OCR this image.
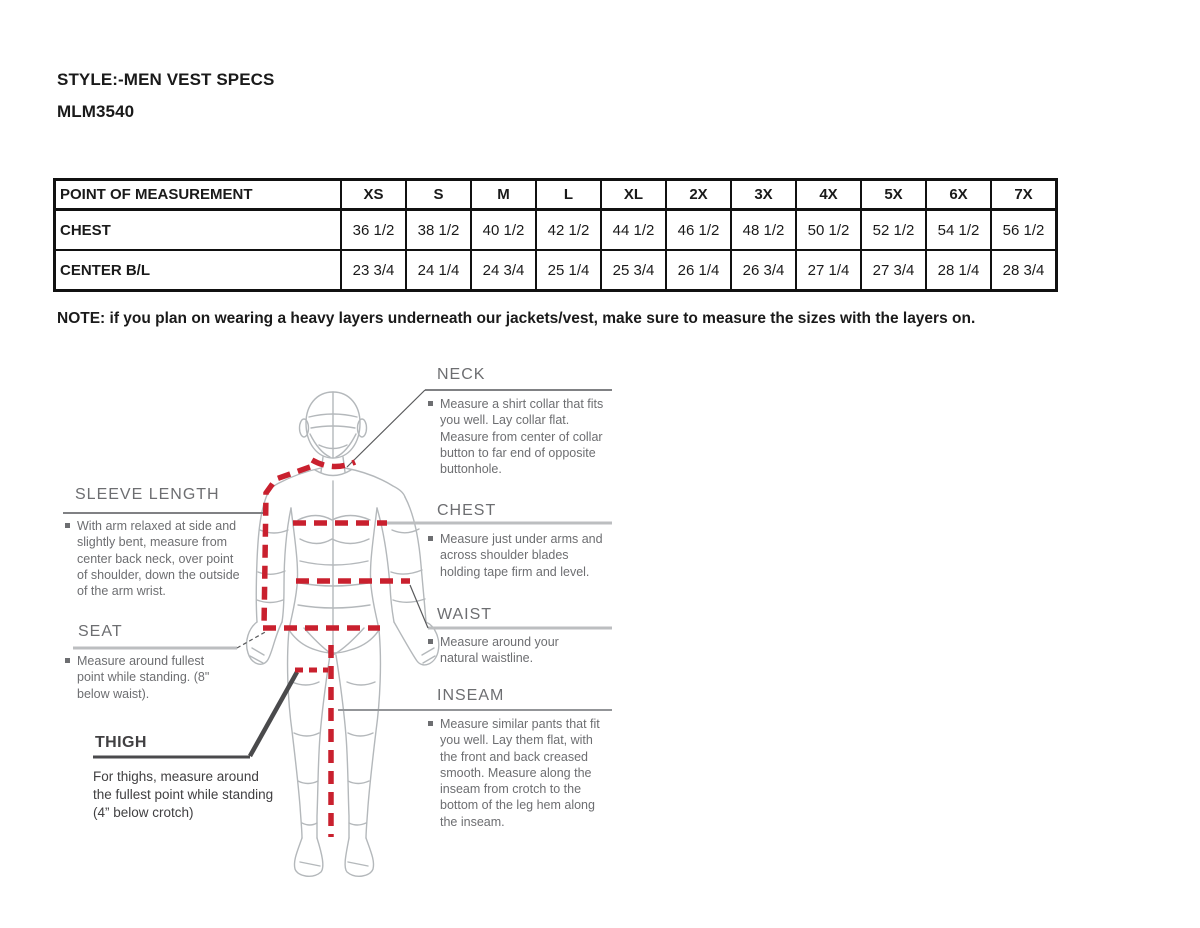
STYLE:-MEN VEST SPECS
MLM3540
POINT OF MEASUREMENT	XS	S	M	L	XL	2X	3X	4X	5X	6X	7X
CHEST	36 1/2	38 1/2	40 1/2	42 1/2	44 1/2	46 1/2	48 1/2	50 1/2	52 1/2	54 1/2	56 1/2
CENTER B/L	23 3/4	24 1/4	24 3/4	25 1/4	25 3/4	26 1/4	26 3/4	27 1/4	27 3/4	28 1/4	28 3/4
NOTE: if you plan on wearing a heavy layers underneath our jackets/vest, make sure to measure the sizes with the layers on.
NECK

Measure a shirt collar that fits you well. Lay collar flat. Measure from center of collar button to far end of opposite buttonhole.

CHEST

Measure just under arms and across shoulder blades holding tape firm and level.

WAIST

Measure around your natural waistline.

INSEAM

Measure similar pants that fit you well. Lay them flat, with the front and back creased smooth. Measure along the inseam from crotch to the bottom of the leg hem along the inseam.

SLEEVE LENGTH

With arm relaxed at side and slightly bent, measure from center back neck, over point of shoulder, down the outside of the arm wrist.

SEAT

Measure around fullest point while standing. (8" below waist).

THIGH

For thighs, measure around the fullest point while standing (4” below crotch)
